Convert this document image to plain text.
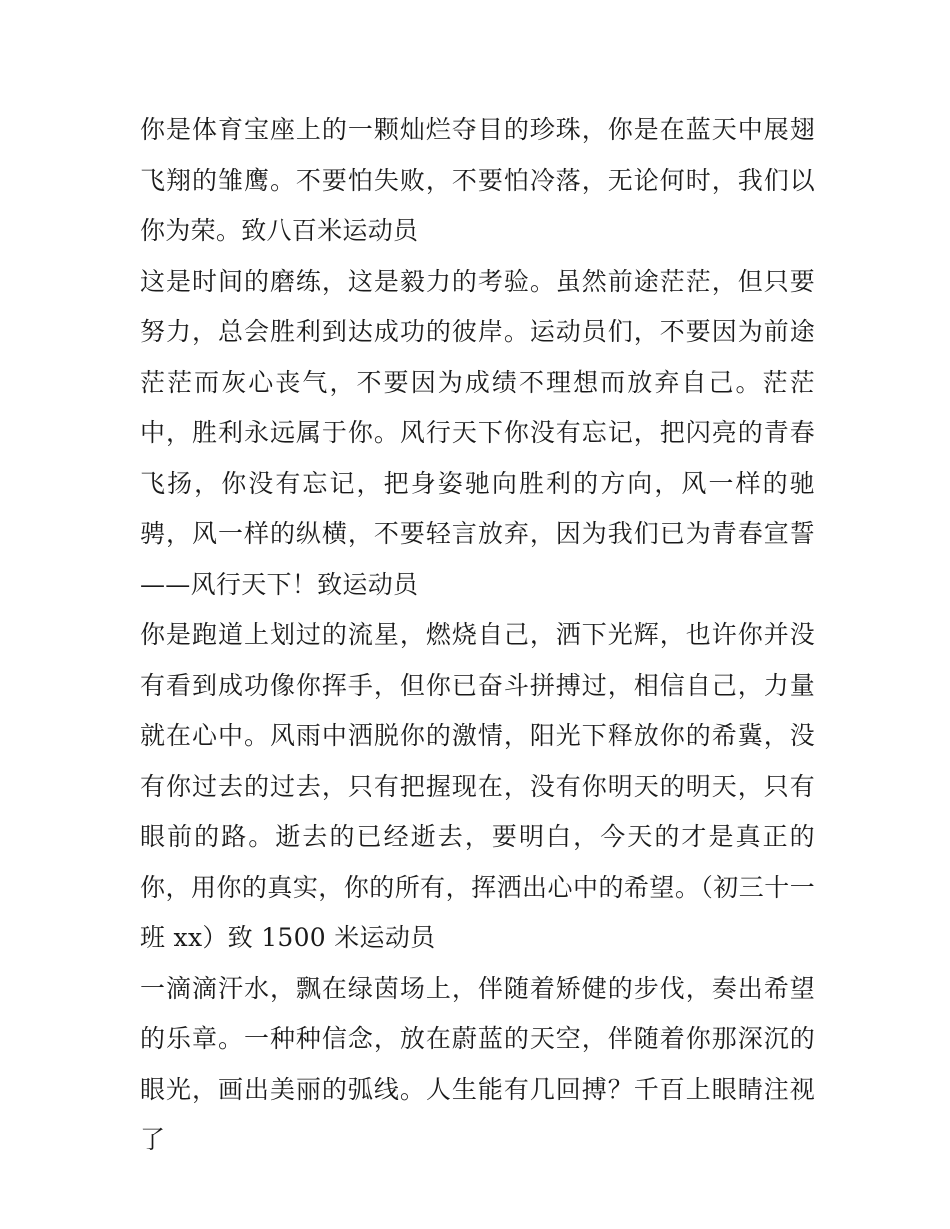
你是体育宝座上的一颗灿烂夺目的珍珠，你是在蓝天中展翅飞翔的雏鹰。不要怕失败，不要怕冷落，无论何时，我们以你为荣。致八百米运动员

这是时间的磨练，这是毅力的考验。虽然前途茫茫，但只要努力，总会胜利到达成功的彼岸。运动员们，不要因为前途茫茫而灰心丧气，不要因为成绩不理想而放弃自己。茫茫中，胜利永远属于你。风行天下你没有忘记，把闪亮的青春飞扬，你没有忘记，把身姿驰向胜利的方向，风一样的驰骋，风一样的纵横，不要轻言放弃，因为我们已为青春宣誓——风行天下！致运动员

你是跑道上划过的流星，燃烧自己，洒下光辉，也许你并没有看到成功像你挥手，但你已奋斗拼搏过，相信自己，力量就在心中。风雨中洒脱你的激情，阳光下释放你的希冀，没有你过去的过去，只有把握现在，没有你明天的明天，只有眼前的路。逝去的已经逝去，要明白，今天的才是真正的你，用你的真实，你的所有，挥洒出心中的希望。（初三十一班 xx）致 1500 米运动员

一滴滴汗水，飘在绿茵场上，伴随着矫健的步伐，奏出希望的乐章。一种种信念，放在蔚蓝的天空，伴随着你那深沉的眼光，画出美丽的弧线。人生能有几回搏？千百上眼睛注视了
